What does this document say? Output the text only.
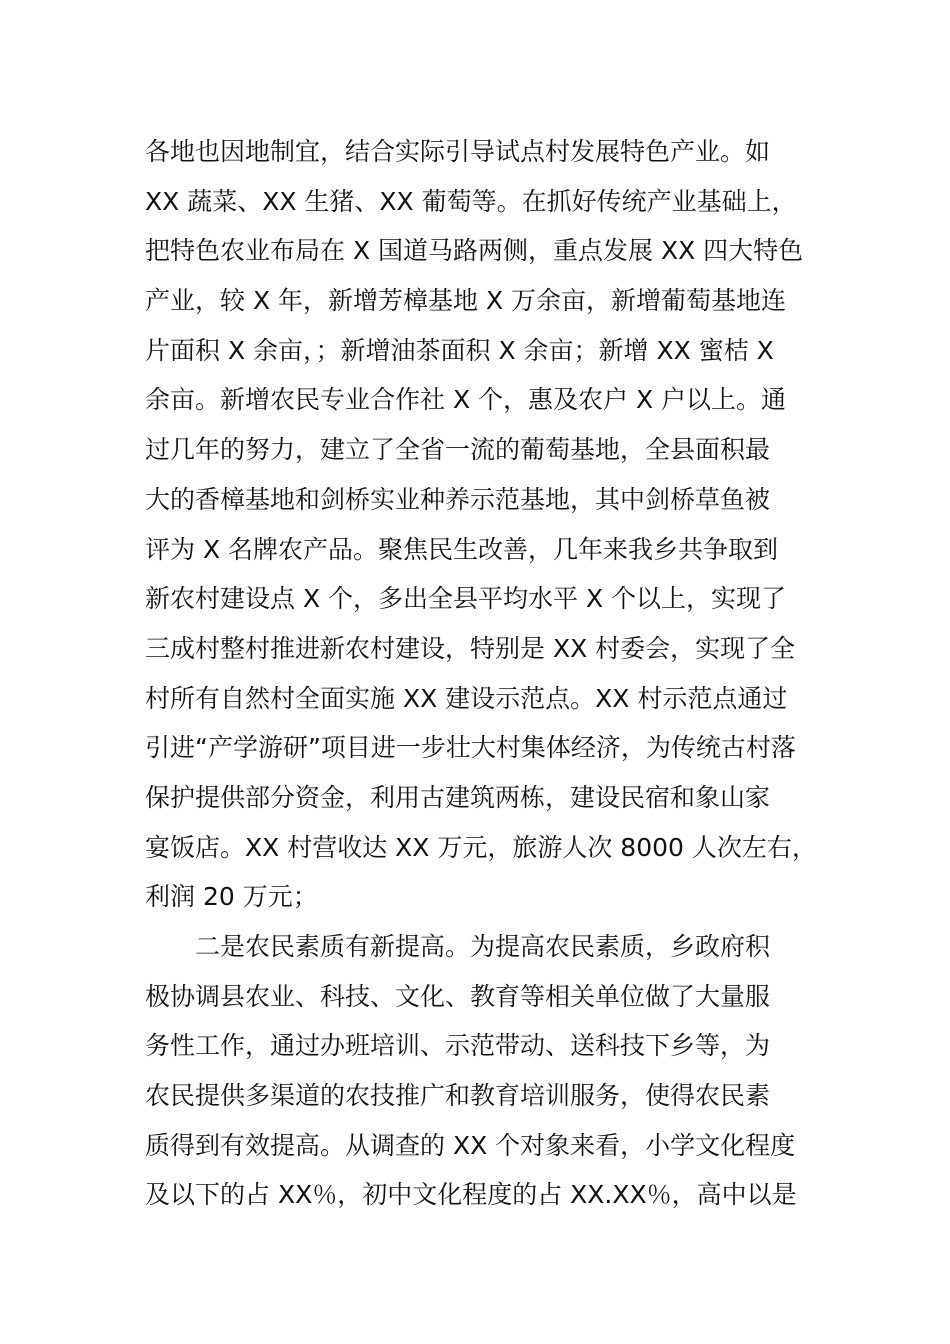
各地也因地制宜，结合实际引导试点村发展特色产业。如
XX 蔬菜、XX 生猪、XX 葡萄等。在抓好传统产业基础上，
把特色农业布局在 X 国道马路两侧，重点发展 XX 四大特色
产业，较 X 年，新增芳樟基地 X 万余亩，新增葡萄基地连
片面积 X 余亩，；新增油茶面积 X 余亩；新增 XX 蜜桔 X
余亩。新增农民专业合作社 X 个，惠及农户 X 户以上。通
过几年的努力，建立了全省一流的葡萄基地，全县面积最
大的香樟基地和剑桥实业种养示范基地，其中剑桥草鱼被
评为 X 名牌农产品。聚焦民生改善，几年来我乡共争取到
新农村建设点 X 个，多出全县平均水平 X 个以上，实现了
三成村整村推进新农村建设，特别是 XX 村委会，实现了全
村所有自然村全面实施 XX 建设示范点。XX 村示范点通过
引进“产学游研”项目进一步壮大村集体经济，为传统古村落
保护提供部分资金，利用古建筑两栋，建设民宿和象山家
宴饭店。XX 村营收达 XX 万元，旅游人次 8000 人次左右，
利润 20 万元；
二是农民素质有新提高。为提高农民素质，乡政府积
极协调县农业、科技、文化、教育等相关单位做了大量服
务性工作，通过办班培训、示范带动、送科技下乡等，为
农民提供多渠道的农技推广和教育培训服务，使得农民素
质得到有效提高。从调查的 XX 个对象来看，小学文化程度
及以下的占 XX％，初中文化程度的占 XX.XX％，高中以是
